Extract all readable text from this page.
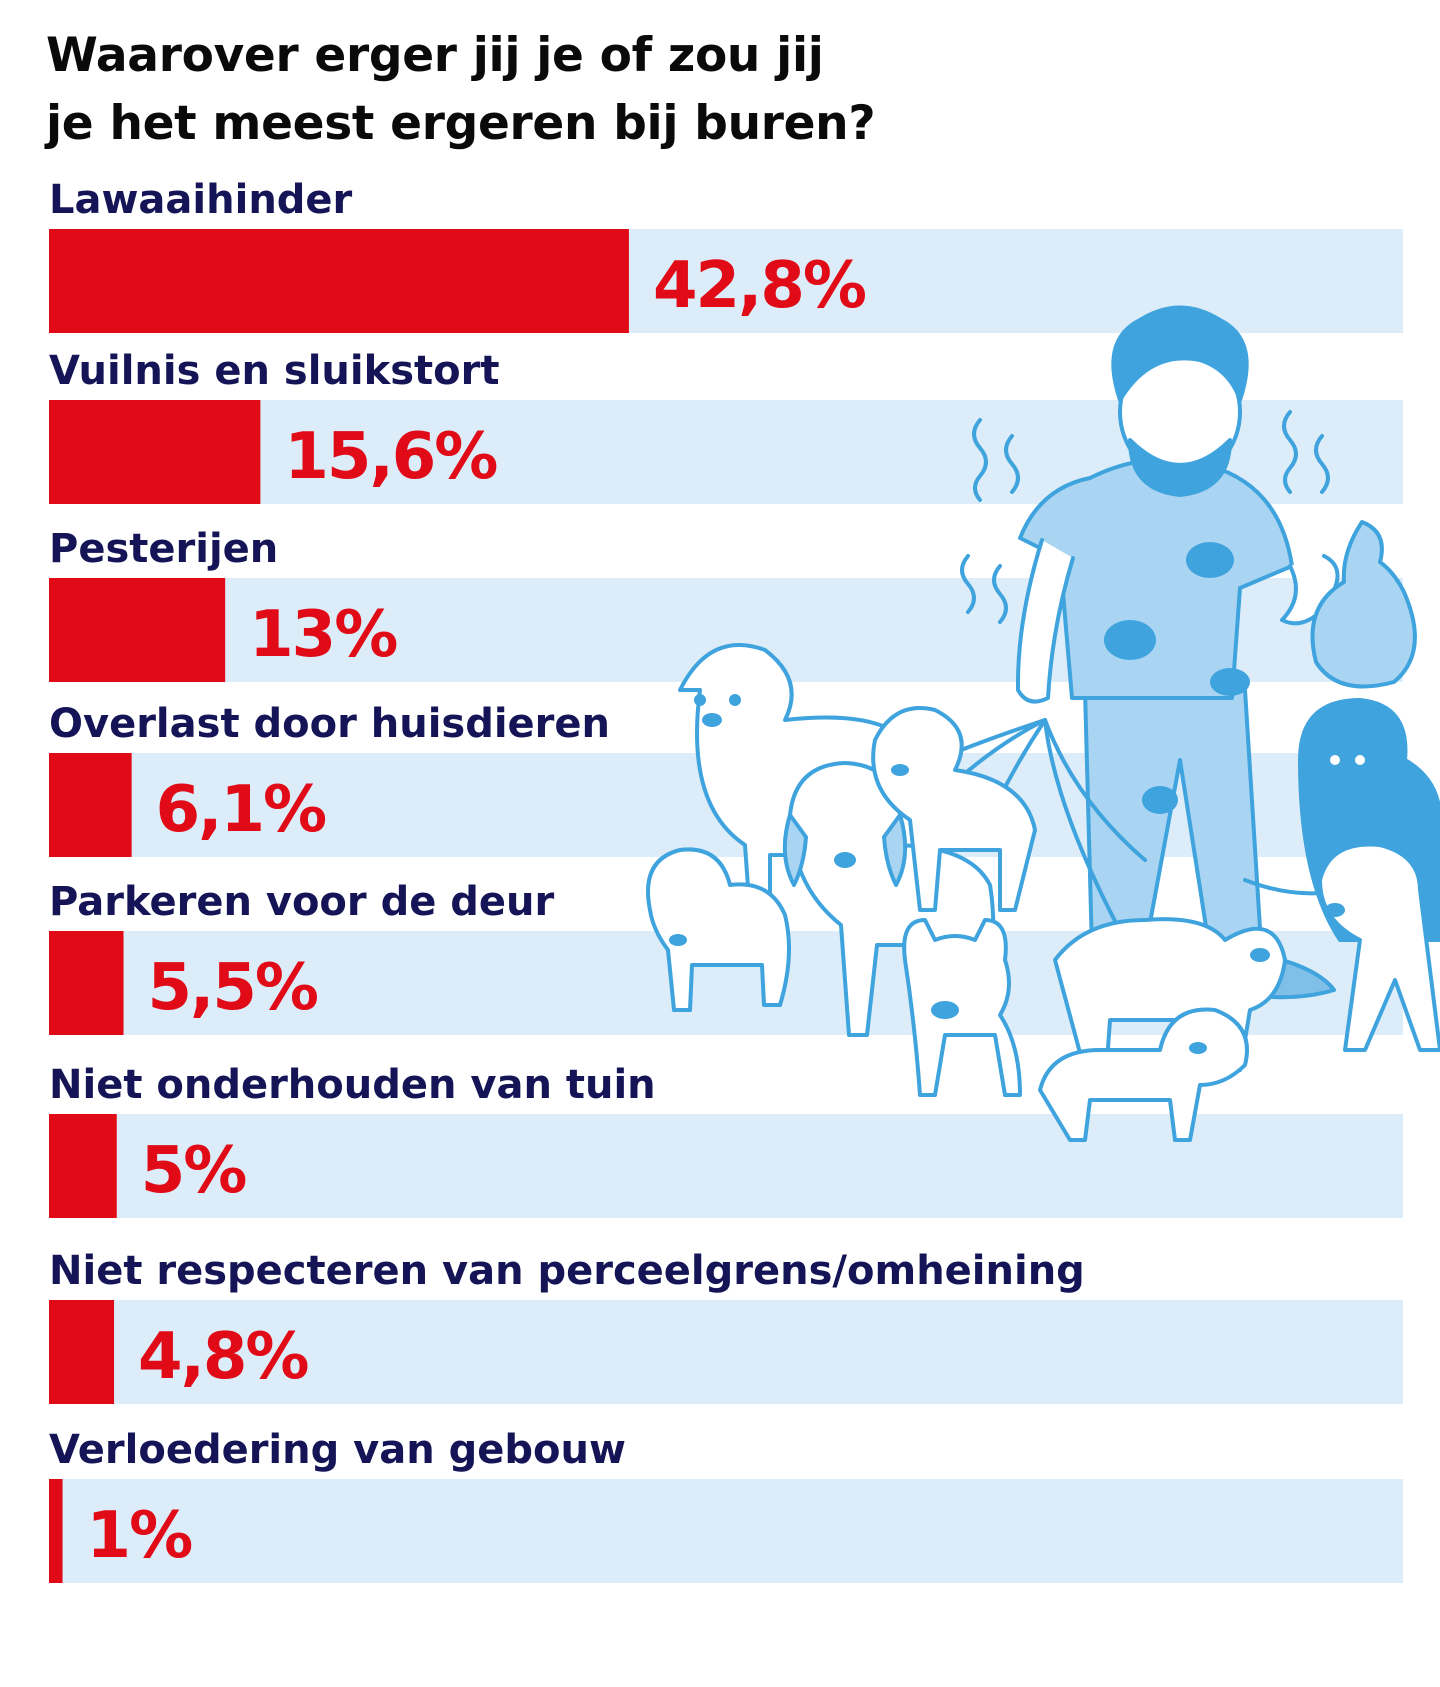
Waarover erger jij je of zou jij
je het meest ergeren bij buren?
Lawaaihinder
Vuilnis en sluikstort
Pesterijen
Overlast door huisdieren
Parkeren voor de deur
Niet onderhouden van tuin
Niet respecteren van perceelgrens/omheining
Verloedering van gebouw
42,8%
15,6%
13%
6,1%
5,5%
5%
4,8%
1%
